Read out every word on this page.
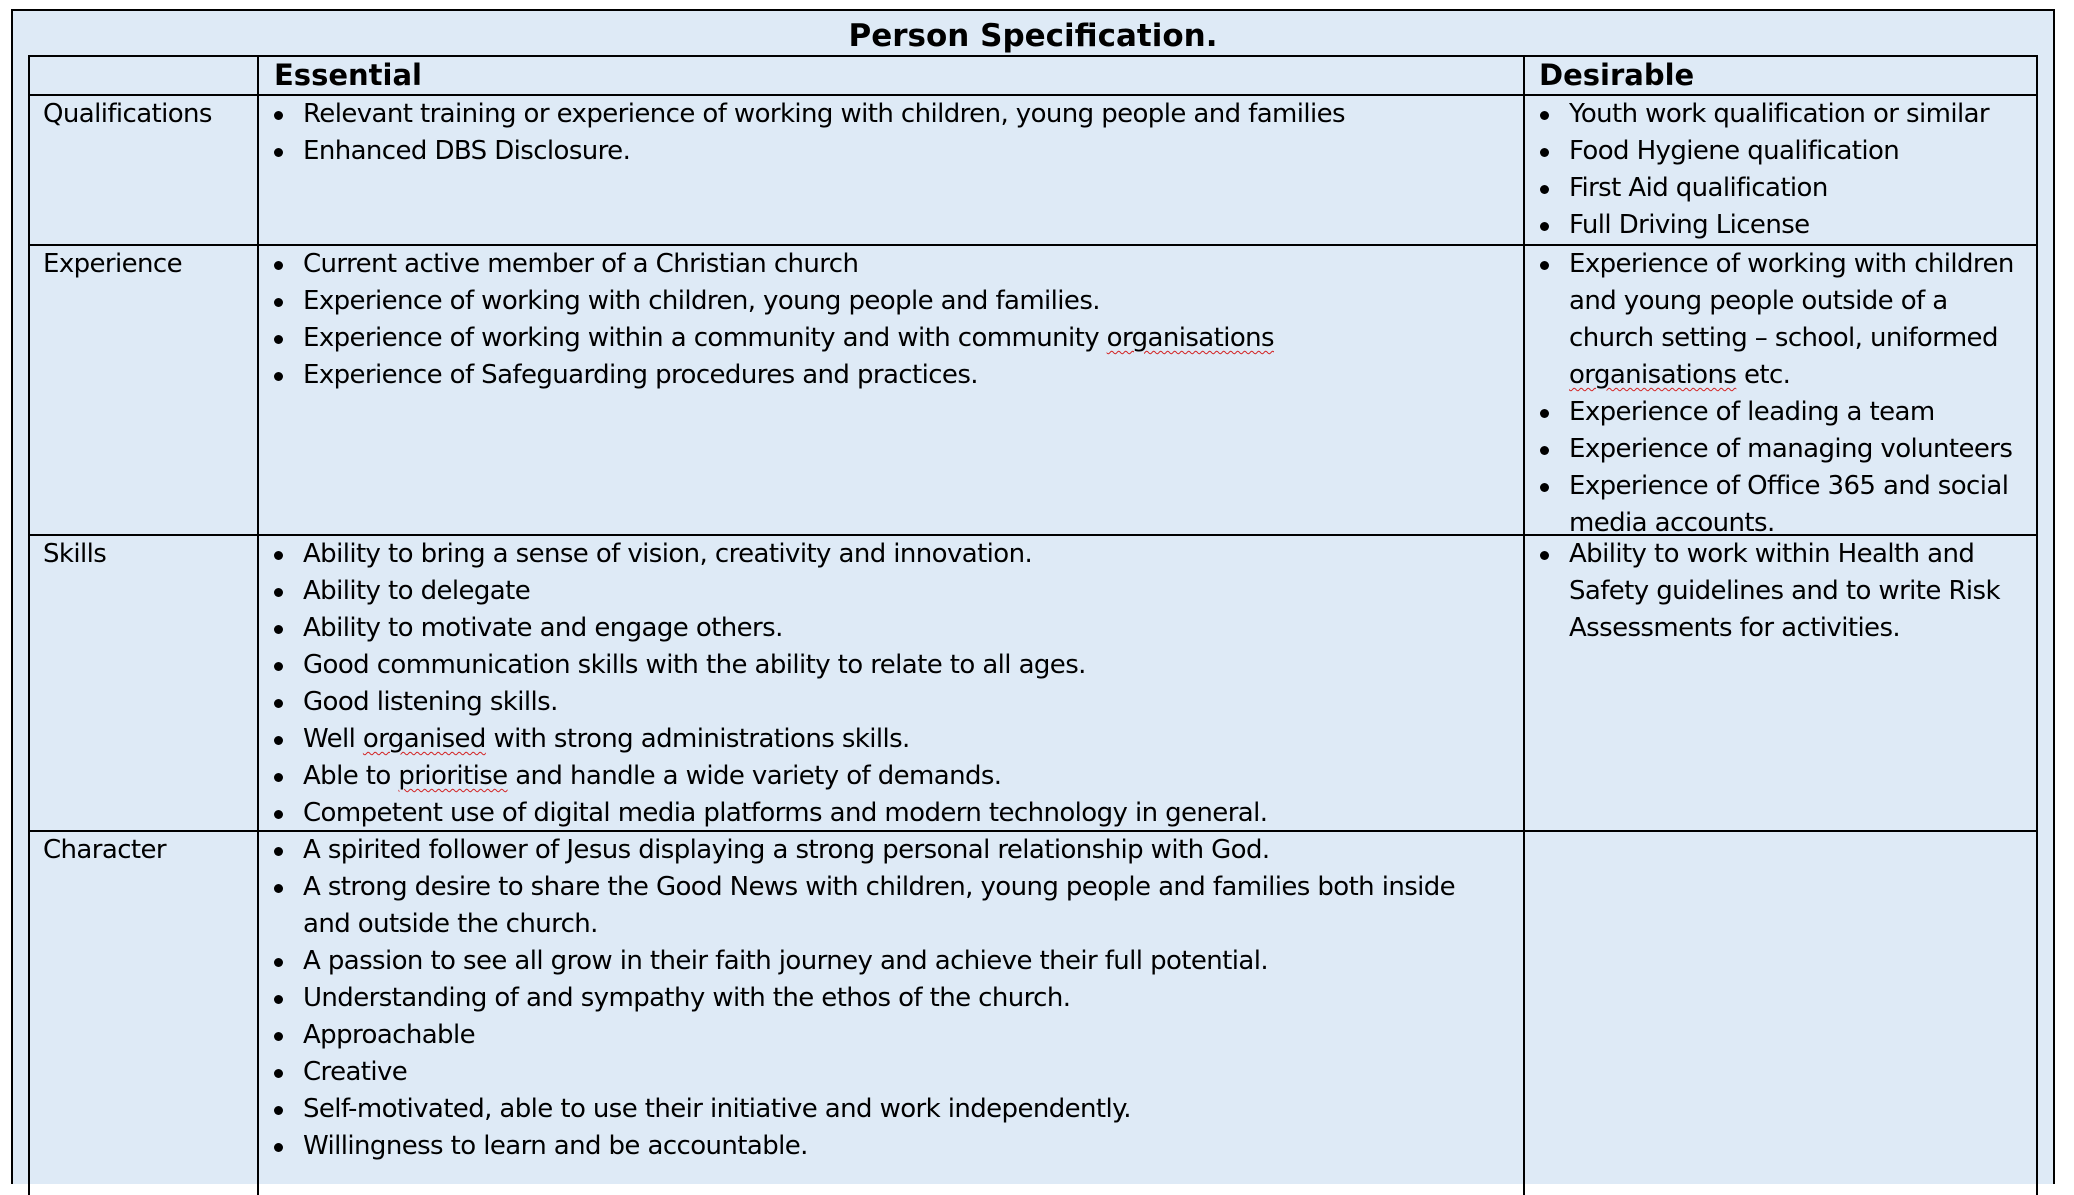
Person Specification.
Essential	Desirable
Qualifications
Experience
Skills
Character
Relevant training or experience of working with children, young people and families
Enhanced DBS Disclosure.
Youth work qualification or similar
Food Hygiene qualification
First Aid qualification
Full Driving License
Current active member of a Christian church
Experience of working with children, young people and families.
Experience of working within a community and with community organisations
Experience of Safeguarding procedures and practices.
Experience of working with children and young people outside of a church setting – school, uniformed organisations etc.
Experience of leading a team
Experience of managing volunteers
Experience of Office 365 and social media accounts.
Ability to bring a sense of vision, creativity and innovation.
Ability to delegate
Ability to motivate and engage others.
Good communication skills with the ability to relate to all ages.
Good listening skills.
Well organised with strong administrations skills.
Able to prioritise and handle a wide variety of demands.
Competent use of digital media platforms and modern technology in general.
Ability to work within Health and Safety guidelines and to write Risk Assessments for activities.
A spirited follower of Jesus displaying a strong personal relationship with God.
A strong desire to share the Good News with children, young people and families both inside and outside the church.
A passion to see all grow in their faith journey and achieve their full potential.
Understanding of and sympathy with the ethos of the church.
Approachable
Creative
Self-motivated, able to use their initiative and work independently.
Willingness to learn and be accountable.
